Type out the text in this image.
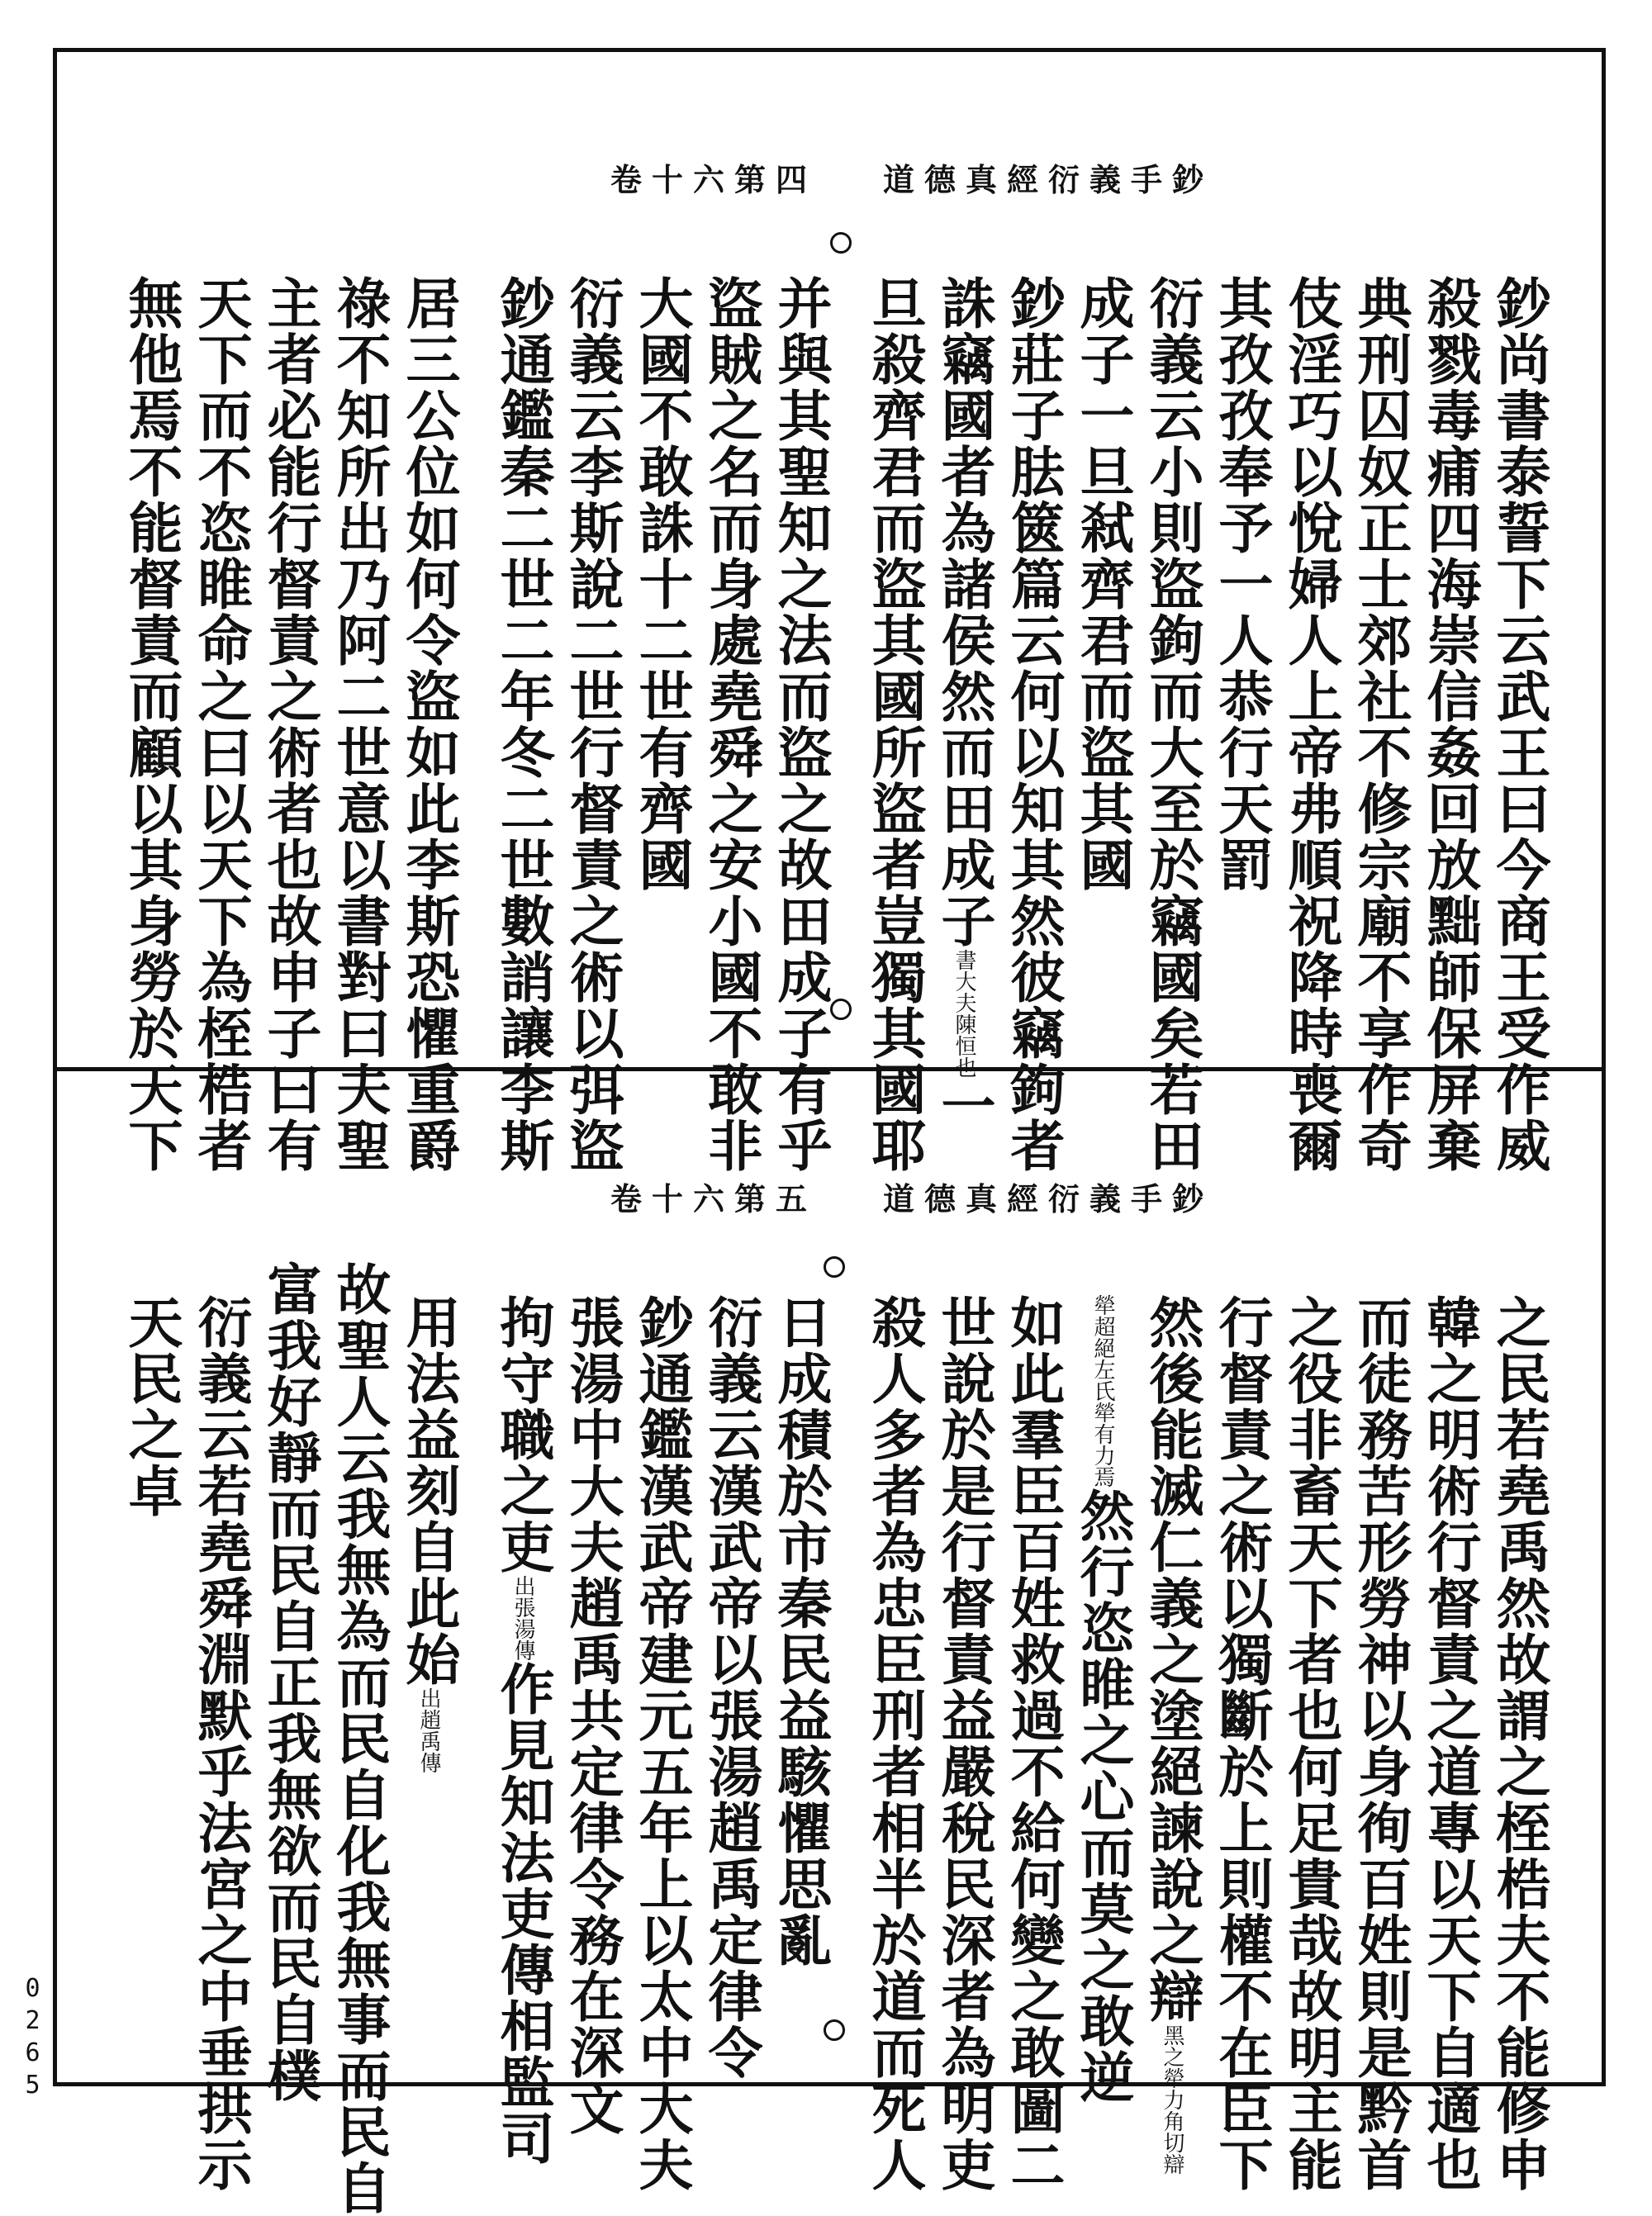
道德真經衍義手鈔
卷十六第四
鈔尚書泰誓下云武王曰今商王受作威
殺戮毒痡四海崇信姦回放黜師保屏棄
典刑囚奴正士郊社不修宗廟不享作奇
伎淫巧以悅婦人上帝弗順祝降時喪爾
其孜孜奉予一人恭行天罰
衍義云小則盜鉤而大至於竊國矣若田
成子一旦弒齊君而盜其國
鈔莊子胠篋篇云何以知其然彼竊鉤者
誅竊國者為諸侯然而田成子書大夫陳恒也一
旦殺齊君而盜其國所盜者豈獨其國耶
并與其聖知之法而盜之故田成子有乎
盜賊之名而身處堯舜之安小國不敢非
大國不敢誅十二世有齊國
衍義云李斯說二世行督責之術以弭盜
鈔通鑑秦二世二年冬二世數誚讓李斯
居三公位如何令盜如此李斯恐懼重爵
祿不知所出乃阿二世意以書對曰夫聖
主者必能行督責之術者也故申子曰有
天下而不恣睢命之曰以天下為桎梏者
無他焉不能督責而顧以其身勞於天下
道德真經衍義手鈔
卷十六第五
之民若堯禹然故謂之桎梏夫不能修申
韓之明術行督責之道專以天下自適也
而徒務苦形勞神以身徇百姓則是黔首
之役非畜天下者也何足貴哉故明主能
行督責之術以獨斷於上則權不在臣下
然後能滅仁義之塗絕諫說之辯黑之犖力角切辯
犖超絕左氏犖有力焉然行恣睢之心而莫之敢逆
如此羣臣百姓救過不給何變之敢圖二
世說於是行督責益嚴稅民深者為明吏
殺人多者為忠臣刑者相半於道而死人
日成積於市秦民益駭懼思亂
衍義云漢武帝以張湯趙禹定律令
鈔通鑑漢武帝建元五年上以太中大夫
張湯中大夫趙禹共定律令務在深文
拘守職之吏出張湯傳作見知法吏傳相監司
用法益刻自此始出趙禹傳
故聖人云我無為而民自化我無事而民自
富我好靜而民自正我無欲而民自樸
衍義云若堯舜淵默乎法宮之中垂拱示
天民之卓
0265
